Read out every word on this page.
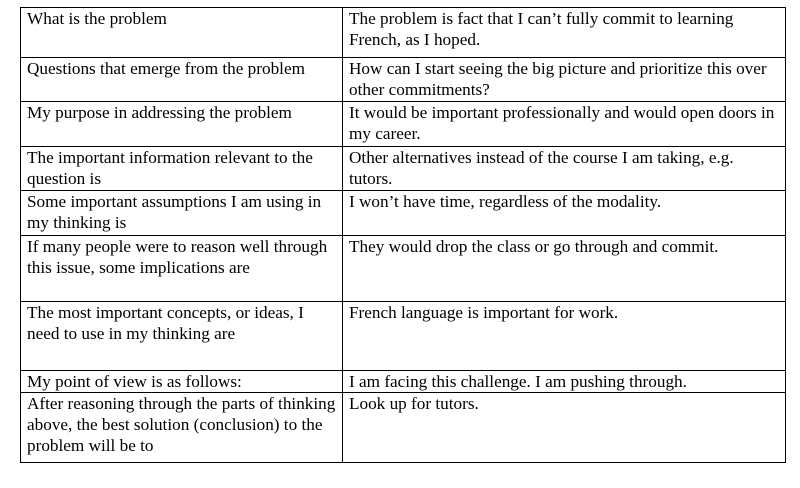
What is the problem	The problem is fact that I can’t fully commit to learning French, as I hoped.
Questions that emerge from the problem	How can I start seeing the big picture and prioritize this over other commitments?
My purpose in addressing the problem	It would be important professionally and would open doors in my career.
The important information relevant to the question is	Other alternatives instead of the course I am taking, e.g. tutors.
Some important assumptions I am using in my thinking is	I won’t have time, regardless of the modality.
If many people were to reason well through this issue, some implications are	They would drop the class or go through and commit.
The most important concepts, or ideas, I need to use in my thinking are	French language is important for work.
My point of view is as follows:	I am facing this challenge. I am pushing through.
After reasoning through the parts of thinking above, the best solution (conclusion) to the problem will be to	Look up for tutors.
